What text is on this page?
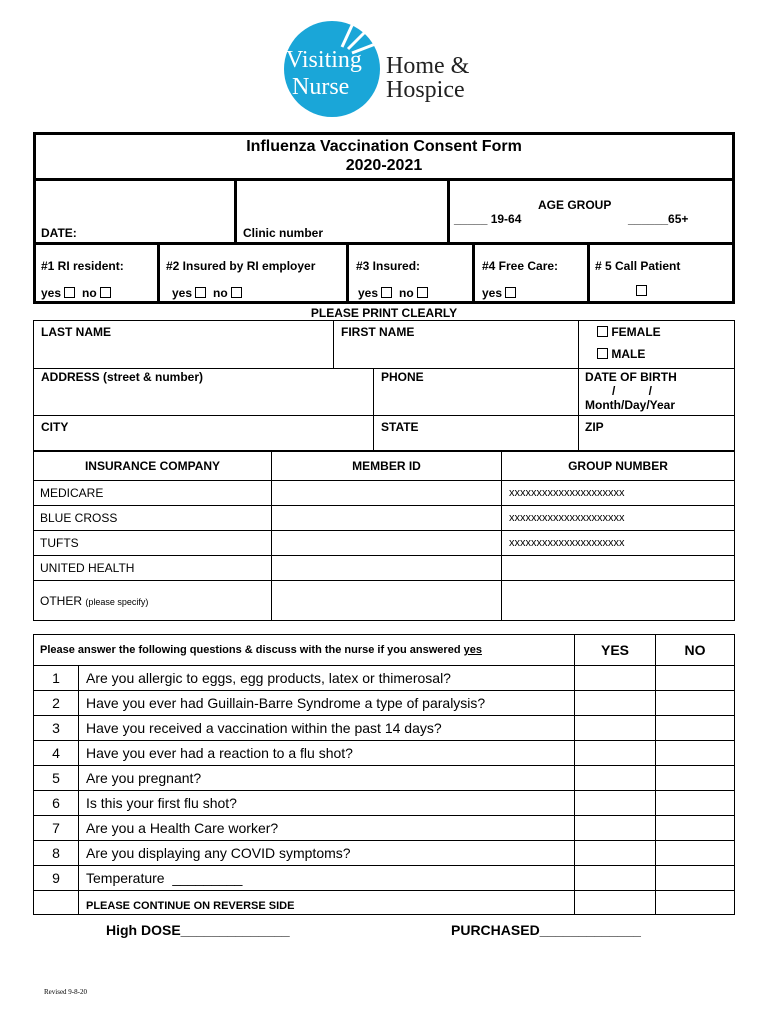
Visiting
Nurse
Home &
Hospice
Influenza Vaccination Consent Form
2020-2021
DATE:	Clinic number
AGE GROUP
_____ 19-64	______65+
#1 RI resident:	#2 Insured by RI employer	#3 Insured:	#4 Free Care:	# 5 Call Patient
yes no	yes no	yes no	yes
PLEASE PRINT CLEARLY
LAST NAME	FIRST NAME	FEMALE
MALE
ADDRESS (street & number)	PHONE	DATE OF BIRTH
/          /
Month/Day/Year
CITY	STATE	ZIP
INSURANCE COMPANY	MEMBER ID	GROUP NUMBER
MEDICARE		xxxxxxxxxxxxxxxxxxxxx
BLUE CROSS		xxxxxxxxxxxxxxxxxxxxx
TUFTS		xxxxxxxxxxxxxxxxxxxxx
UNITED HEALTH		
OTHER (please specify)		
Please answer the following questions & discuss with the nurse if you answered yes		YES	NO
1	Are you allergic to eggs, egg products, latex or thimerosal?		
2	Have you ever had Guillain-Barre Syndrome a type of paralysis?		
3	Have you received a vaccination within the past 14 days?		
4	Have you ever had a reaction to a flu shot?		
5	Are you pregnant?		
6	Is this your first flu shot?		
7	Are you a Health Care worker?		
8	Are you displaying any COVID symptoms?		
9	Temperature  _________		
	PLEASE CONTINUE ON REVERSE SIDE		
High DOSE______________	PURCHASED_____________
Revised 9-8-20
